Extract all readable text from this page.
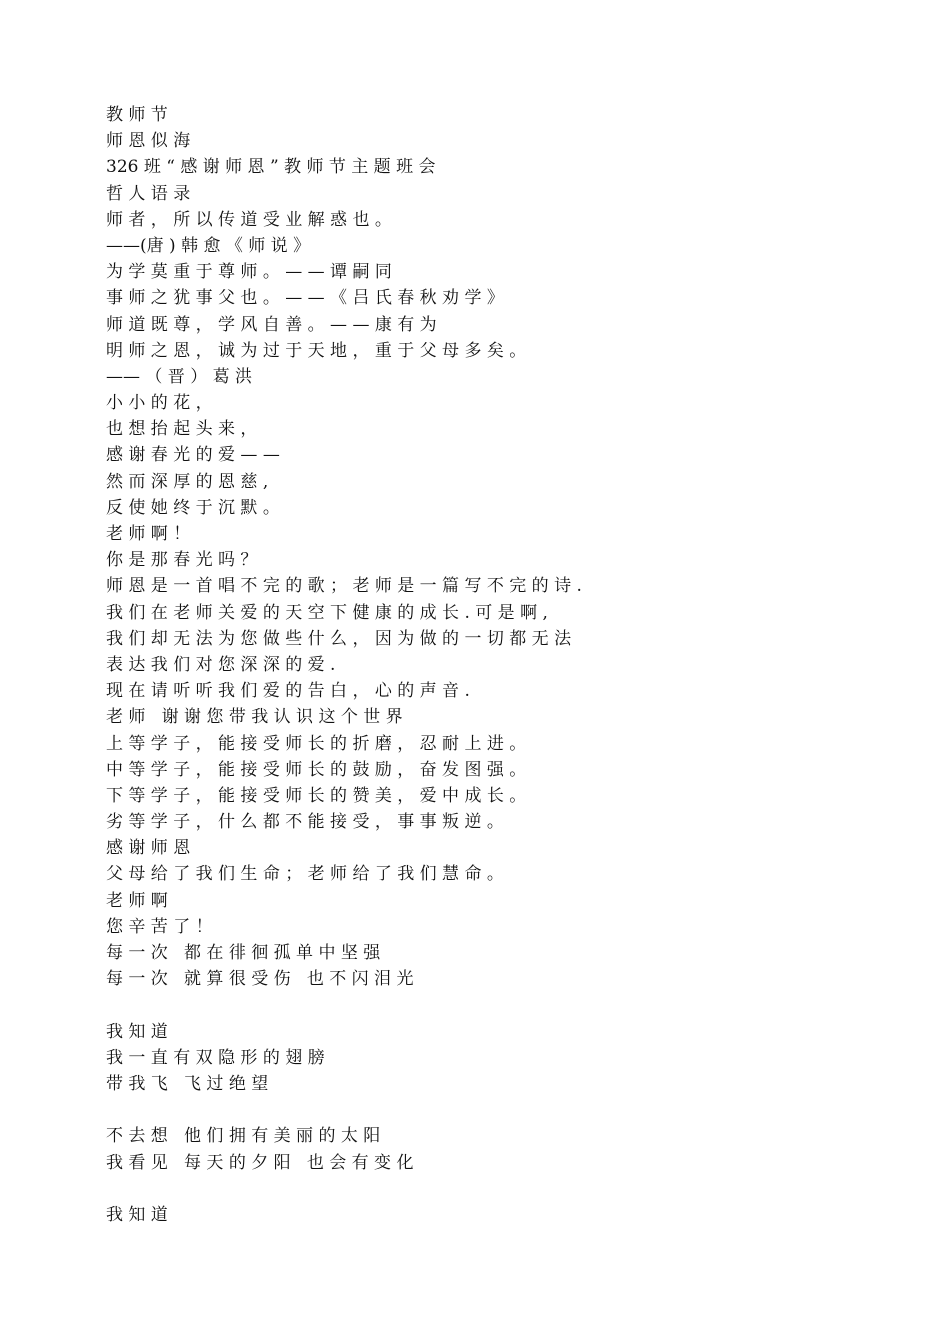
教 师 节
师 恩 似 海
326 班 “ 感 谢 师 恩 ” 教 师 节 主 题 班 会
哲 人 语 录
师 者 ， 所 以 传 道 受 业 解 惑 也 。
——(唐 ) 韩 愈 《 师 说 》
为 学 莫 重 于 尊 师 。 — — 谭 嗣 同
事 师 之 犹 事 父 也 。 — — 《 吕 氏 春 秋 劝 学 》
师 道 既 尊 ， 学 风 自 善 。 — — 康 有 为
明 师 之 恩 ， 诚 为 过 于 天 地 ， 重 于 父 母 多 矣 。
—— （ 晋 ） 葛 洪
小 小 的 花 ，
也 想 抬 起 头 来 ，
感 谢 春 光 的 爱 — —
然 而 深 厚 的 恩 慈 ,
反 使 她 终 于 沉 默 。
老 师 啊 ！
你 是 那 春 光 吗 ？
师 恩 是 一 首 唱 不 完 的 歌 ； 老 师 是 一 篇 写 不 完 的 诗 .
我 们 在 老 师 关 爱 的 天 空 下 健 康 的 成 长 . 可 是 啊 ,
我 们 却 无 法 为 您 做 些 什 么 ， 因 为 做 的 一 切 都 无 法
表 达 我 们 对 您 深 深 的 爱 .
现 在 请 听 听 我 们 爱 的 告 白 ， 心 的 声 音 .
老 师   谢 谢 您 带 我 认 识 这 个 世 界
上 等 学 子 ， 能 接 受 师 长 的 折 磨 ， 忍 耐 上 进 。
中 等 学 子 ， 能 接 受 师 长 的 鼓 励 ， 奋 发 图 强 。
下 等 学 子 ， 能 接 受 师 长 的 赞 美 ， 爱 中 成 长 。
劣 等 学 子 ， 什 么 都 不 能 接 受 ， 事 事 叛 逆 。
感 谢 师 恩
父 母 给 了 我 们 生 命 ； 老 师 给 了 我 们 慧 命 。
老 师 啊
您 辛 苦 了 ！
每 一 次   都 在 徘 徊 孤 单 中 坚 强
每 一 次   就 算 很 受 伤   也 不 闪 泪 光
我 知 道
我 一 直 有 双 隐 形 的 翅 膀
带 我 飞   飞 过 绝 望
不 去 想   他 们 拥 有 美 丽 的 太 阳
我 看 见   每 天 的 夕 阳   也 会 有 变 化
我 知 道
